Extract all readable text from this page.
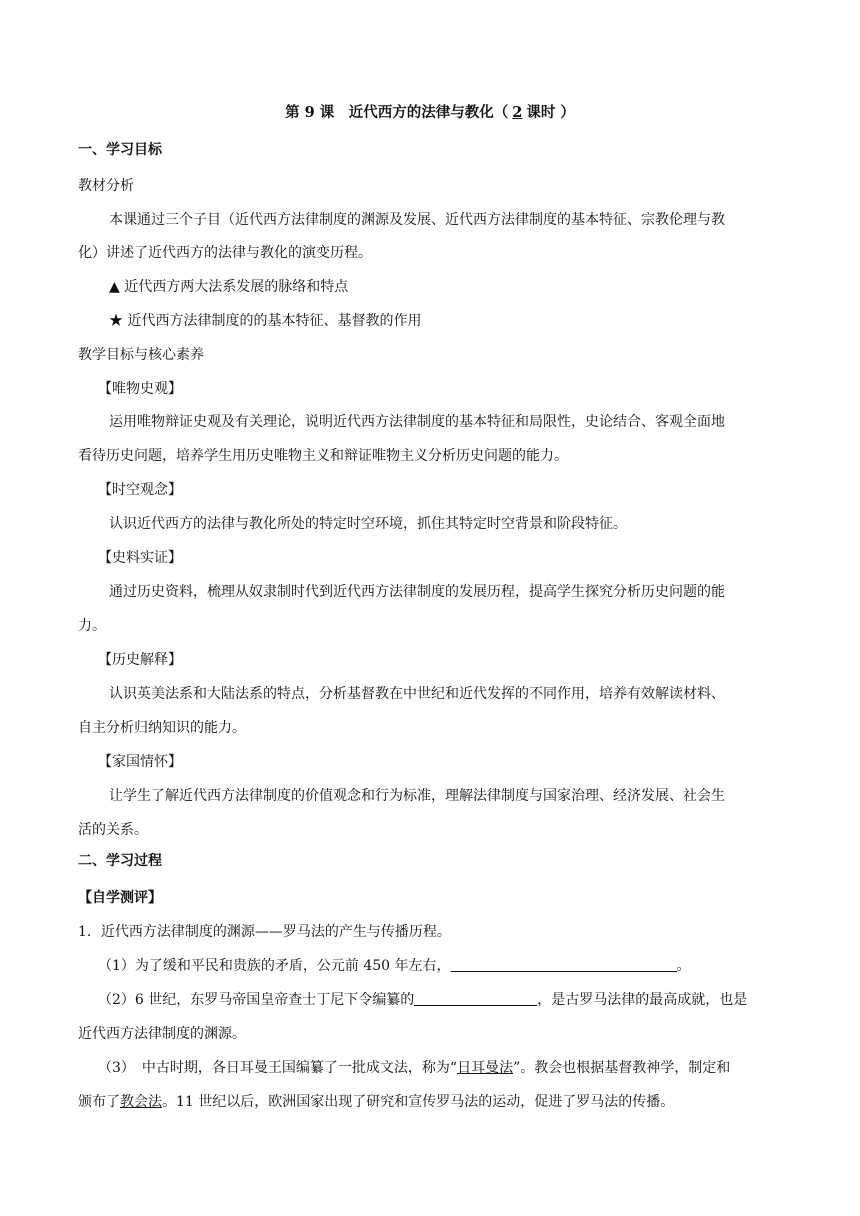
第 9 课　近代西方的法律与教化（ 2 课时 ）
一、学习目标
教材分析
本课通过三个子目（近代西方法律制度的渊源及发展、近代西方法律制度的基本特征、宗教伦理与教
化）讲述了近代西方的法律与教化的演变历程。
▲ 近代西方两大法系发展的脉络和特点
★ 近代西方法律制度的的基本特征、基督教的作用
教学目标与核心素养
【唯物史观】
运用唯物辩证史观及有关理论，说明近代西方法律制度的基本特征和局限性，史论结合、客观全面地
看待历史问题，培养学生用历史唯物主义和辩证唯物主义分析历史问题的能力。
【时空观念】
认识近代西方的法律与教化所处的特定时空环境，抓住其特定时空背景和阶段特征。
【史料实证】
通过历史资料，梳理从奴隶制时代到近代西方法律制度的发展历程，提高学生探究分析历史问题的能
力。
【历史解释】
认识英美法系和大陆法系的特点，分析基督教在中世纪和近代发挥的不同作用，培养有效解读材料、
自主分析归纳知识的能力。
【家国情怀】
让学生了解近代西方法律制度的价值观念和行为标准，理解法律制度与国家治理、经济发展、社会生
活的关系。
二、学习过程
【自学测评】
1．近代西方法律制度的渊源——罗马法的产生与传播历程。
（1）为了缓和平民和贵族的矛盾，公元前 450 年左右，	。
（2）6 世纪，东罗马帝国皇帝查士丁尼下令编纂的	，是古罗马法律的最高成就，也是
近代西方法律制度的渊源。
（3）　中古时期，各日耳曼王国编纂了一批成文法，称为“日耳曼法”。教会也根据基督教神学，制定和
颁布了教会法。11 世纪以后，欧洲国家出现了研究和宣传罗马法的运动，促进了罗马法的传播。
